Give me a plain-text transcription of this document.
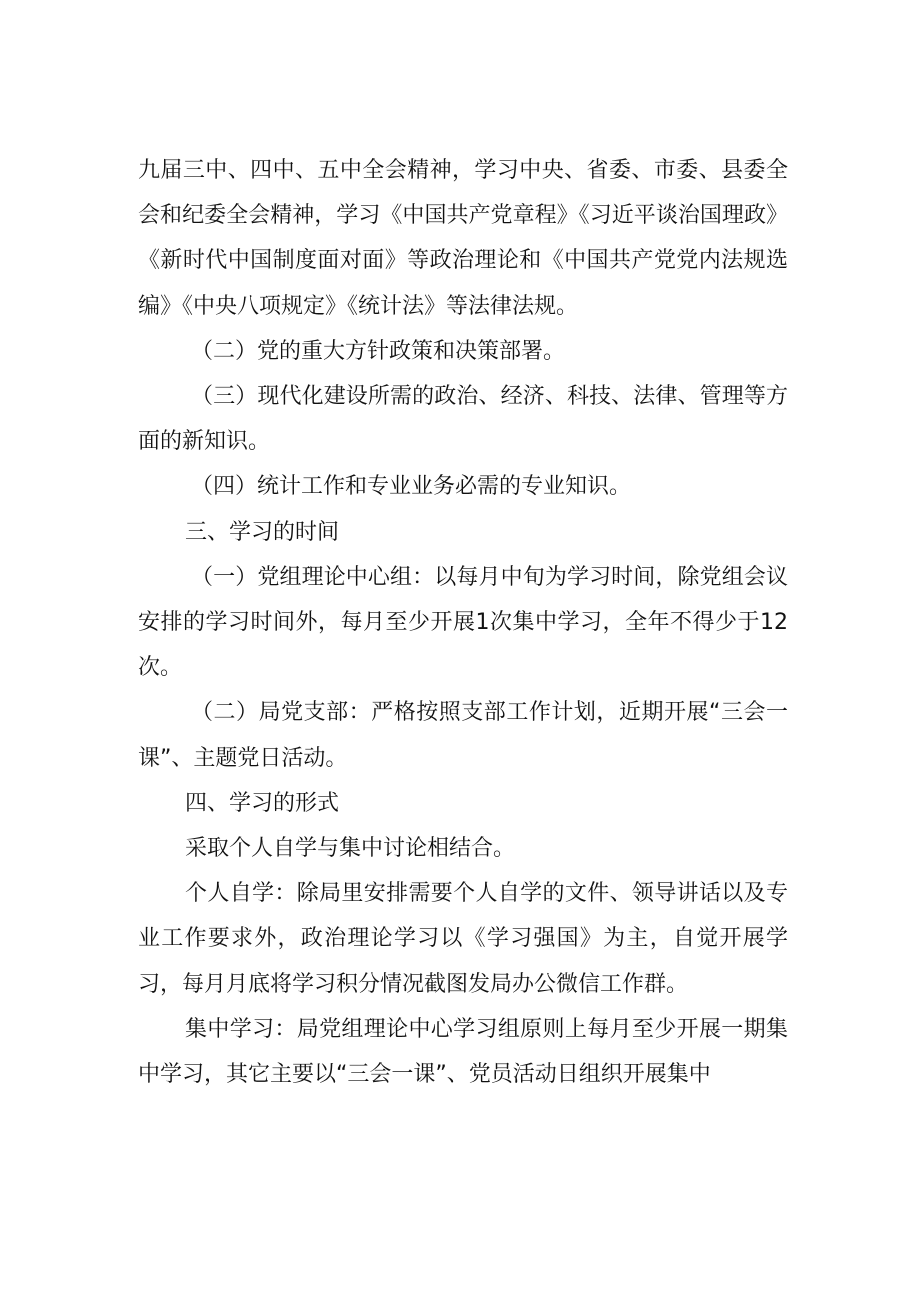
九届三中、四中、五中全会精神，学习中央、省委、市委、县委全会和纪委全会精神，学习《中国共产党章程》《习近平谈治国理政》《新时代中国制度面对面》等政治理论和《中国共产党党内法规选编》《中央八项规定》《统计法》等法律法规。

（二）党的重大方针政策和决策部署。

（三）现代化建设所需的政治、经济、科技、法律、管理等方面的新知识。

（四）统计工作和专业业务必需的专业知识。

三、学习的时间

（一）党组理论中心组：以每月中旬为学习时间，除党组会议安排的学习时间外，每月至少开展1次集中学习，全年不得少于12次。

（二）局党支部：严格按照支部工作计划，近期开展“三会一课”、主题党日活动。

四、学习的形式

采取个人自学与集中讨论相结合。

个人自学：除局里安排需要个人自学的文件、领导讲话以及专业工作要求外，政治理论学习以《学习强国》为主，自觉开展学习，每月月底将学习积分情况截图发局办公微信工作群。

集中学习：局党组理论中心学习组原则上每月至少开展一期集中学习，其它主要以“三会一课”、党员活动日组织开展集中
